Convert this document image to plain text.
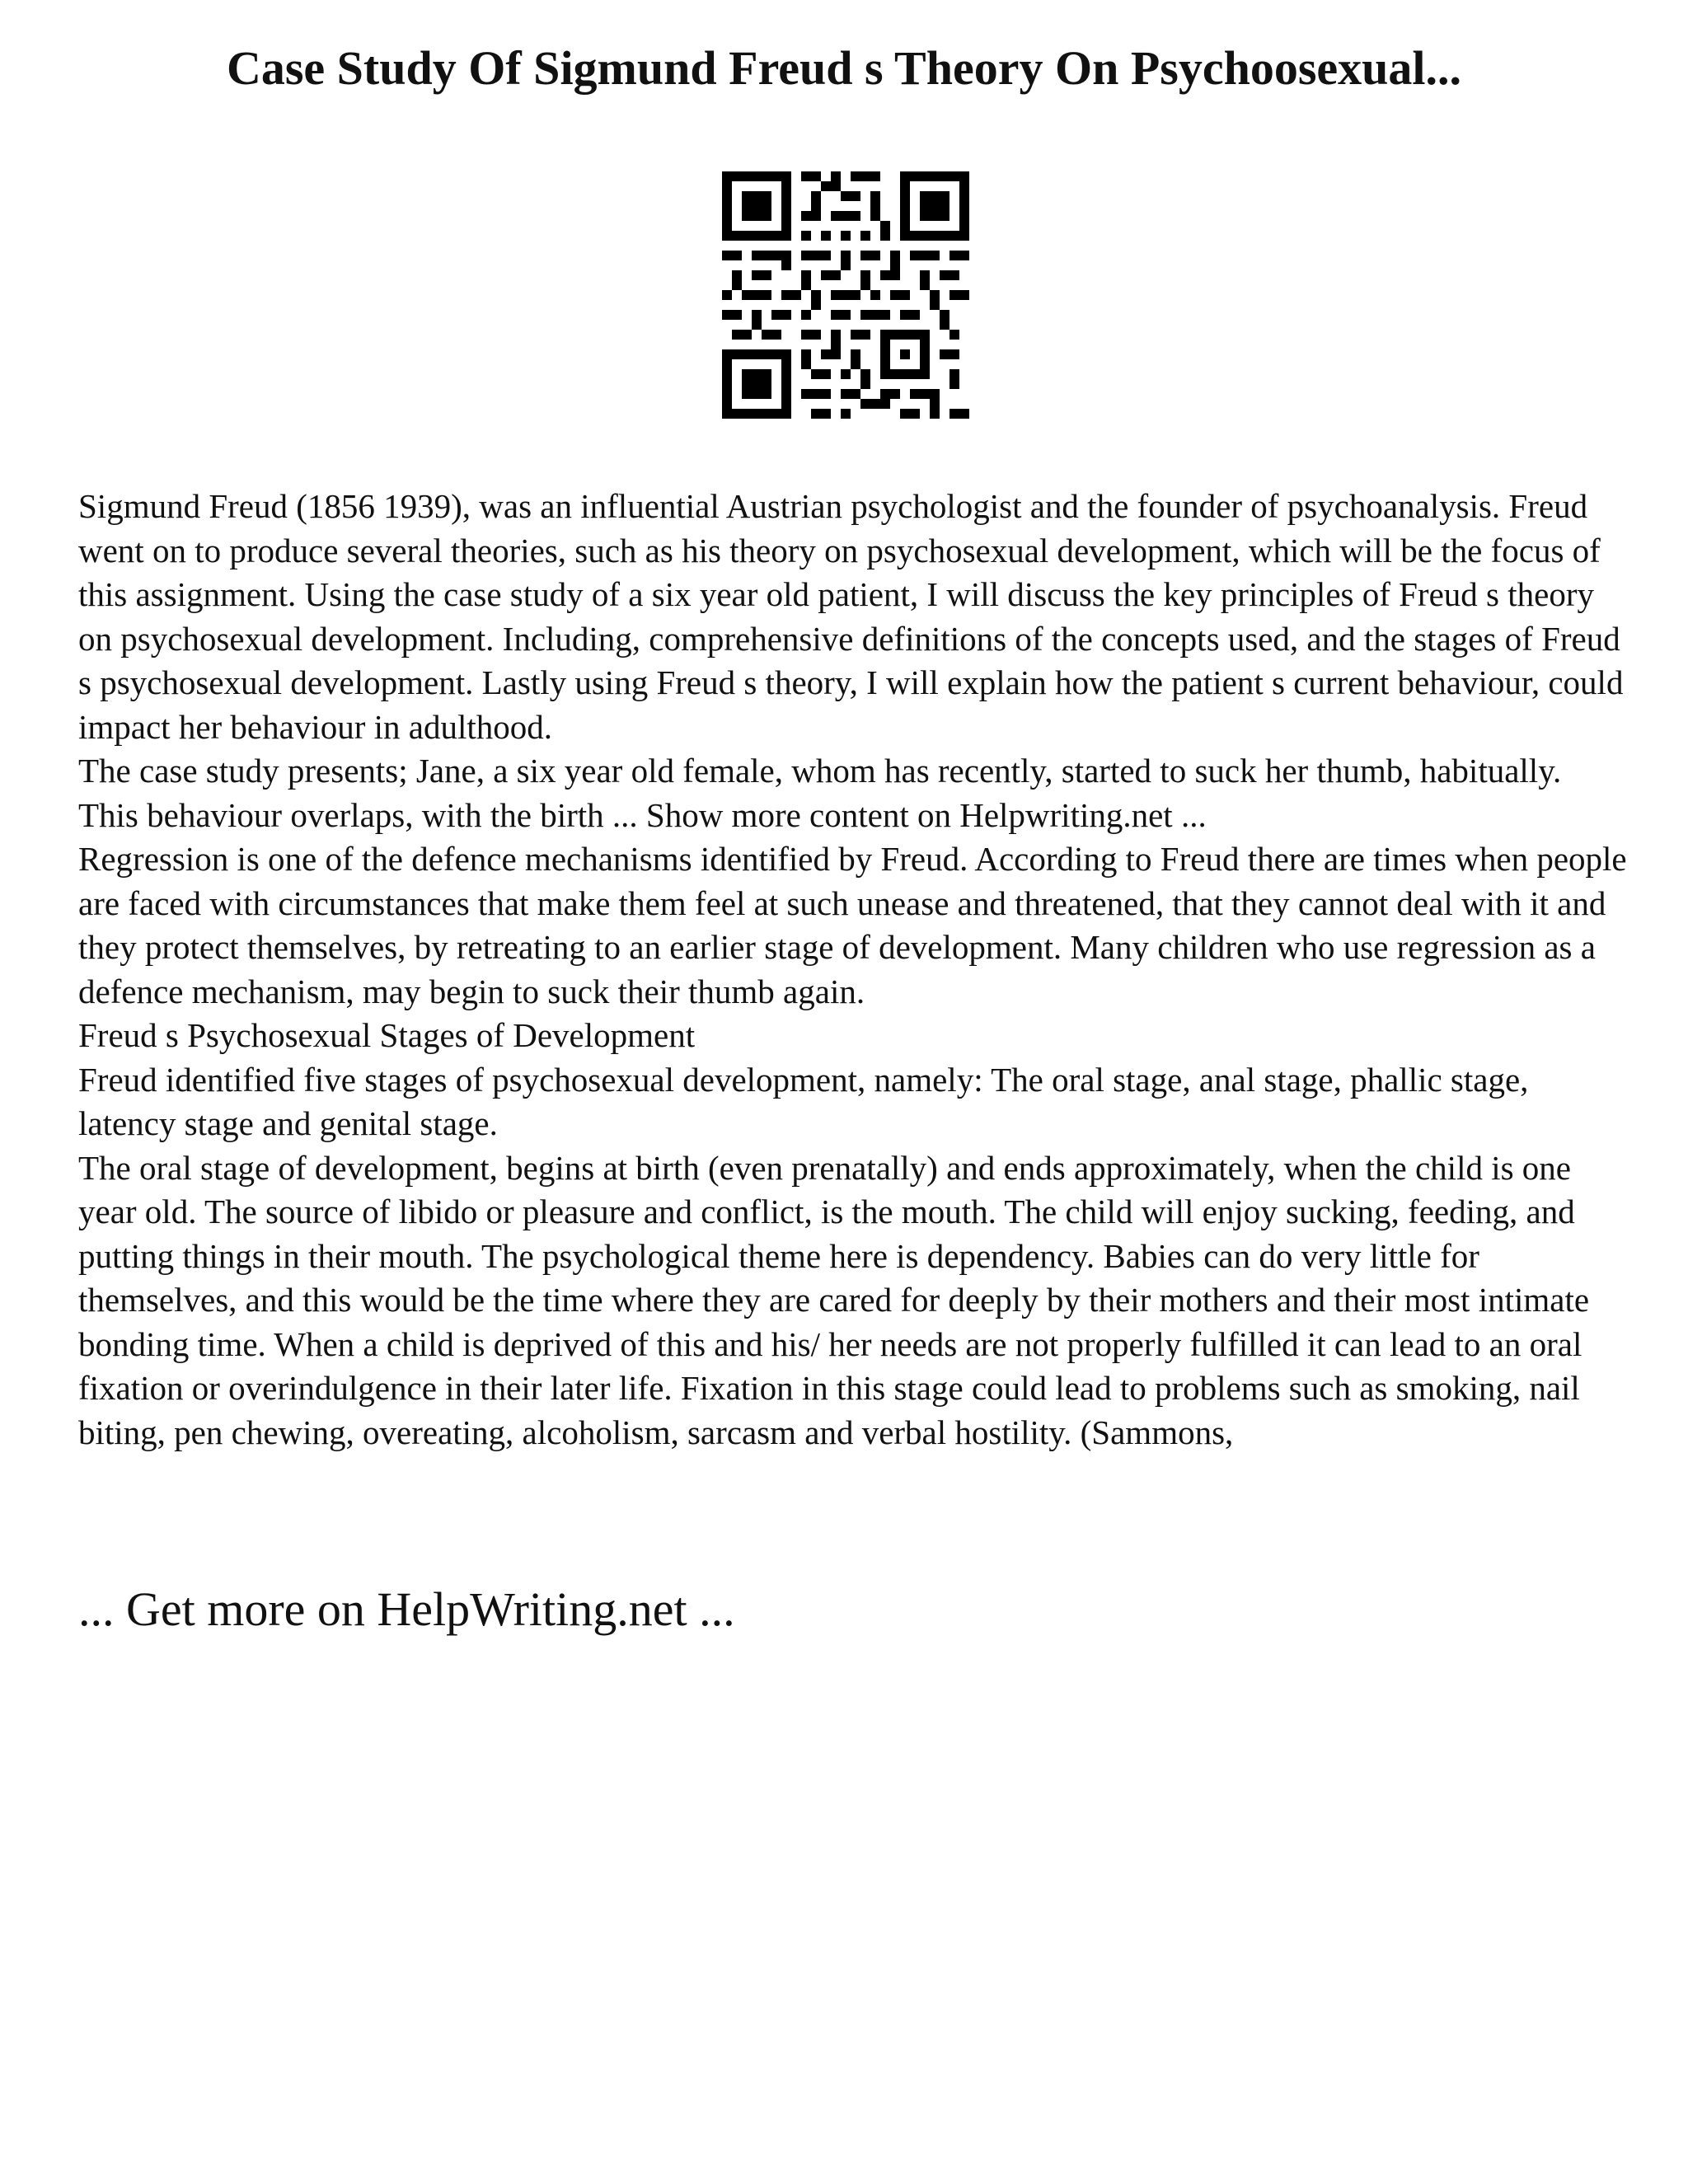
Case Study Of Sigmund Freud s Theory On Psychoosexual...

Sigmund Freud (1856 1939), was an influential Austrian psychologist and the founder of psychoanalysis. Freud went on to produce several theories, such as his theory on psychosexual development, which will be the focus of this assignment. Using the case study of a six year old patient, I will discuss the key principles of Freud s theory on psychosexual development. Including, comprehensive definitions of the concepts used, and the stages of Freud s psychosexual development. Lastly using Freud s theory, I will explain how the patient s current behaviour, could impact her behaviour in adulthood.

The case study presents; Jane, a six year old female, whom has recently, started to suck her thumb, habitually. This behaviour overlaps, with the birth ... Show more content on Helpwriting.net ...

Regression is one of the defence mechanisms identified by Freud. According to Freud there are times when people are faced with circumstances that make them feel at such unease and threatened, that they cannot deal with it and they protect themselves, by retreating to an earlier stage of development. Many children who use regression as a defence mechanism, may begin to suck their thumb again.

Freud s Psychosexual Stages of Development

Freud identified five stages of psychosexual development, namely: The oral stage, anal stage, phallic stage, latency stage and genital stage.

The oral stage of development, begins at birth (even prenatally) and ends approximately, when the child is one year old. The source of libido or pleasure and conflict, is the mouth. The child will enjoy sucking, feeding, and putting things in their mouth. The psychological theme here is dependency. Babies can do very little for themselves, and this would be the time where they are cared for deeply by their mothers and their most intimate bonding time. When a child is deprived of this and his/ her needs are not properly fulfilled it can lead to an oral fixation or overindulgence in their later life. Fixation in this stage could lead to problems such as smoking, nail biting, pen chewing, overeating, alcoholism, sarcasm and verbal hostility. (Sammons,

... Get more on HelpWriting.net ...
